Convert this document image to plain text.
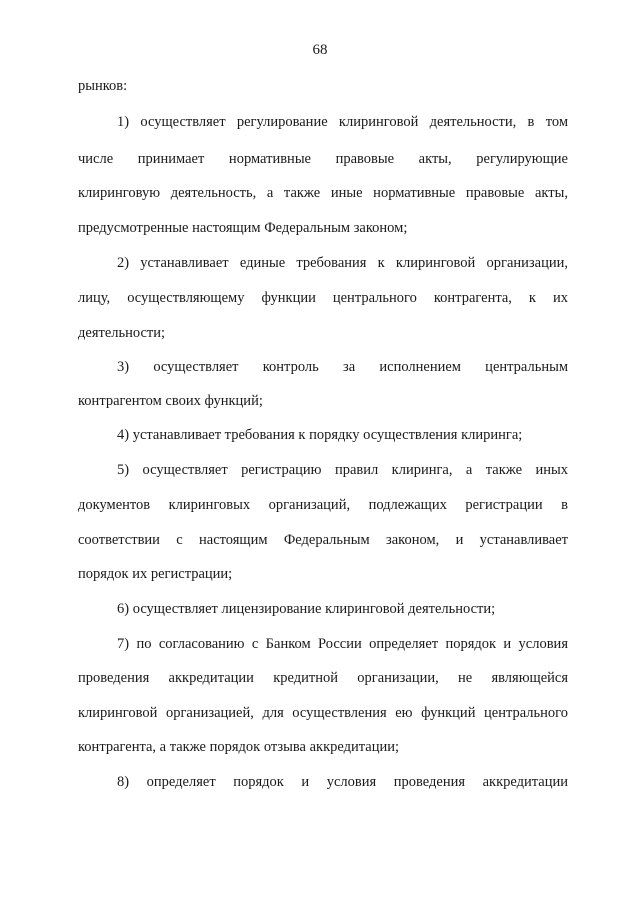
68
рынков:
1) осуществляет регулирование клиринговой деятельности, в том
числе принимает нормативные правовые акты, регулирующие
клиринговую деятельность, а также иные нормативные правовые акты,
предусмотренные настоящим Федеральным законом;
2) устанавливает единые требования к клиринговой организации,
лицу, осуществляющему функции центрального контрагента, к их
деятельности;
3) осуществляет контроль за исполнением центральным
контрагентом своих функций;
4) устанавливает требования к порядку осуществления клиринга;
5) осуществляет регистрацию правил клиринга, а также иных
документов клиринговых организаций, подлежащих регистрации в
соответствии с настоящим Федеральным законом, и устанавливает
порядок их регистрации;
6) осуществляет лицензирование клиринговой деятельности;
7) по согласованию с Банком России определяет порядок и условия
проведения аккредитации кредитной организации, не являющейся
клиринговой организацией, для осуществления ею функций центрального
контрагента, а также порядок отзыва аккредитации;
8) определяет порядок и условия проведения аккредитации
